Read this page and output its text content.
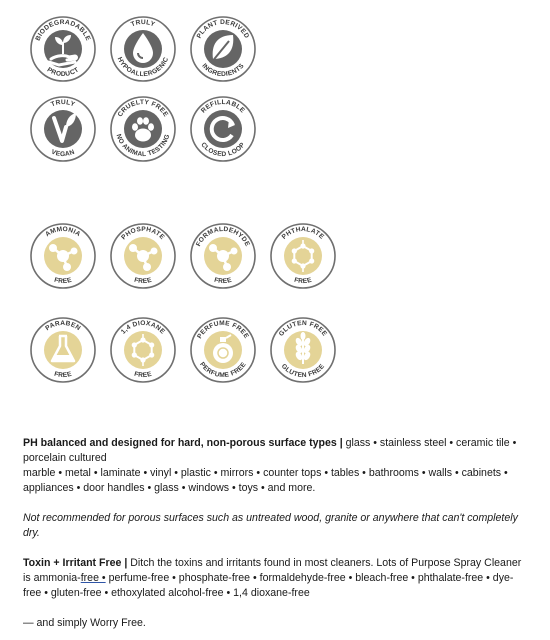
BIODEGRADABLE
PRODUCT
TRULY
HYPOALLERGENIC
PLANT DERIVED
INGREDIENTS
TRULY
VEGAN
CRUELTY FREE
NO ANIMAL TESTING
REFILLABLE
CLOSED LOOP
AMMONIA
FREE
PHOSPHATE
FREE
FORMALDEHYDE
FREE
PHTHALATE
FREE
PARABEN
FREE
1,4 DIOXANE
FREE
PERFUME FREE
PERFUME FREE
GLUTEN FREE
GLUTEN FREE
PH balanced and designed for hard, non-porous surface types | glass • stainless steel • ceramic tile • porcelain cultured
marble • metal • laminate • vinyl • plastic • mirrors • counter tops • tables • bathrooms • walls • cabinets • appliances • door handles • glass • windows • toys • and more.
Not recommended for porous surfaces such as untreated wood, granite or anywhere that can't completely dry.
Toxin + Irritant Free | Ditch the toxins and irritants found in most cleaners. Lots of Purpose Spray Cleaner is ammonia-free • perfume-free • phosphate-free • formaldehyde-free • bleach-free • phthalate-free • dye-free • gluten-free • ethoxylated alcohol-free • 1,4 dioxane-free
— and simply Worry Free.
